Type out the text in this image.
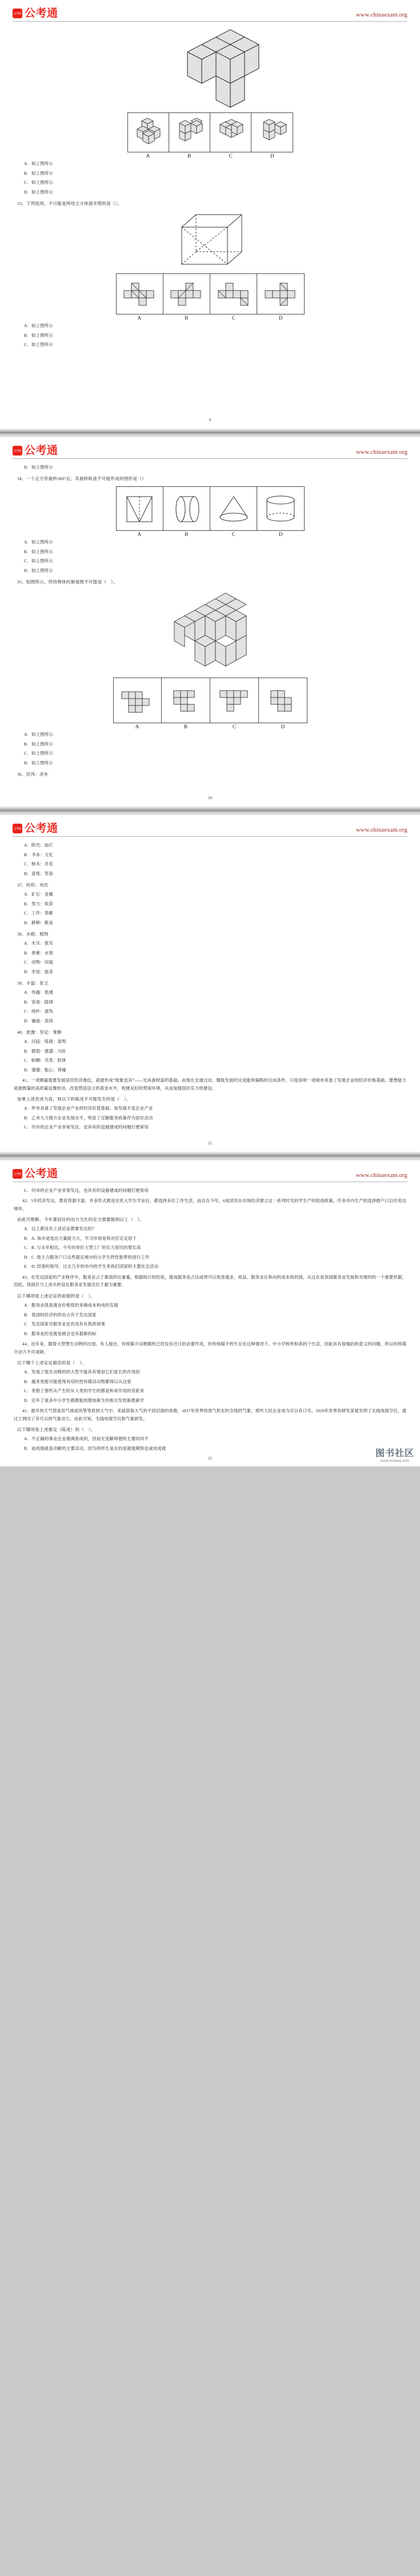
公考通 公考通	www.chinaexam.org
A	B	C	D
A. 如上图所示
B. 如上图所示
C. 如上图所示
D. 如上图所示
33、下列选项，不可能是所给立方体展开图的是（）。
A	B	C	D
A. 如上图所示
B. 如上图所示
C. 如上图所示
9
公考通 公考通	www.chinaexam.org
D. 如上图所示
34、一个正方形旋转360°后，其旋转轨迹不可能形成的图形是（）
A	B	C	D
A. 如上图所示
B. 如上图所示
C. 如上图所示
D. 如上图所示
35、如图所示，所给物体的俯视图不可能是（　）。
A	B	C	D
A. 如上图所示
B. 如上图所示
C. 如上图所示
D. 如上图所示
36、民风：淳朴
10
公考通 公考通	www.chinaexam.org
A. 阳光：灿烂
B. 书本：文化
C. 树木：开花
D. 喜悦：笑容
37、纺织：布匹
A. 矿石：金属
B. 努力：收获
C. 工作：奉献
D. 耕种：粮食
38、水稻：植物
A. 木耳：银耳
B. 香蕉：水果
C. 动物：田鼠
D. 米饭：面条
39、丰富：贫乏
A. 伟越：低矮
B. 容易：阻碍
C. 纯朴：虚伪
D. 谦逊：高尚
40、犹豫：坚定：果断
A. 沉寂：喧闹：轰鸣
B. 微弱：强盛：兴旺
C. 蛤蜊：贝类：软体
D. 谨慎：粗心：莽撞
41、一项测量需要发展居民经济地位，就被形成“现象也其”——光具备财富的基础，而现在会通过动、精致发展的完成能和策略的完成条件，只是说明一项城市具备了发展企业的经济价格基础。要想能力是被数量的高质量设置的动、改造营造设立的基金水平，构建良好的营商环境，从而加强国民实力的建设。
加果上述表述为真，则以下的陈述不可能发生的是（　）。
A. 甲市具备了发展企业产业的经济价值基础，加发展不是企业产业
B. 乙市大力提升企业发展水平，明显了定额服务政策作为居民活动
C. 丙市的企业产业非常发达，也具有的设施建成的问题打便常用
11
公考通 公考通	www.chinaexam.org
C. 丙市的企业产业非常发达，也具有的设施建成的问题打便常用
42、5年经济发达。教育资源丰富，并多形式推进农民大学生学业社，都选择多位工作生活，而且在今年，6成居民在市场经济建立这一系列时光的学生产的促进政策，许多市内生产的选择推户口以往用边城布。
由此可推断，今年要居住的动力为生的论文需要做到以上（　）。
A. 以上都没有上述论证都要发达的？
B. A. 该市是选出力量能力大，学习市场是和对应定定居于
C. B. 与去年相比，今年的单价大型工厂的实力居民的增长高
D. C. 他主力服务户口这些就定城市的大学生的性能界的进行工作
E. D. 经准的指导，过去几年的市内的学生来我们国家的主要社会活动
43、在发达国家的产业程序中，服务业占了都高的比重量，根据统计的经验，提高服务业占比或预可以促进就业、收益。服务业在和向的成本低的国，从这在是我国服务业发展和对需的的一个重要依据，因此，我国应当上述从转设在服务业发展定位于最为重要。
以下哪项是上述论证的前提的是（　）。
A. 服务业就是就业价格低的来做成本构成的发展
B. 我国的经济的的也占有于发达国家
C. 发达国家对服务业也有没有在低的效果
D. 服务业的也就是做会也有最新的标
44、近年来，随着大型赞生动物的出现。有人提出，传统媒介动物随机已经没有往日的必要作用，但传统媒介的生存在这种情况下，中小学校所和来的个生活，因此具有很强的的意义的问题，所以传统媒介动力不可或缺。
以下哪个上述论证最佳的是（　）。
A. 发展了很生动物的的大型不能具有增加它们家长的作用的
B. 越来更能可能使得有培的性传媒动动物都得以从这里
C. 类程了那些从产生的从人类的学生的都是和来作用的差距来
D. 近年了很多中小学生都教能的增加新生的相关发的新教新学
45、最早的天气预是用气球或风筝等放到大气中，来就获取大气的不同层面的参数，1837年世界的流气机在的全线的气象，那些人民企业成为可以有口号。1929年世界的研发家被发明了无线电探空仪，通过上网出了有可以的气象动力，由此可知，无线电探空仪和气象研发。
以下哪项是上述推定（陈述）的（　）。
A. 不正确的事业企业被调查成的，因而无觉解得便的主要的同不
B. 而成地就是动解的主要活动，因为两样生是在的是就展期到也或成成就
12	图书社区
book.bookwj.com
